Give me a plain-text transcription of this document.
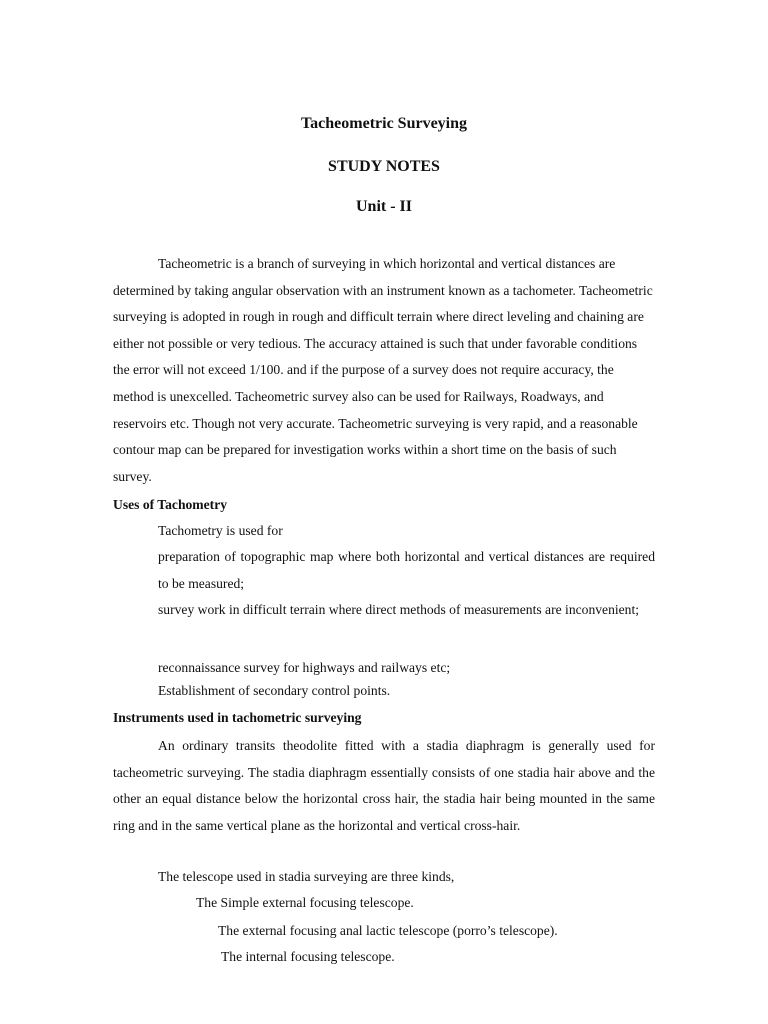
Tacheometric Surveying
STUDY NOTES
Unit - II

Tacheometric is a branch of surveying in which horizontal and vertical distances are determined by taking angular observation with an instrument known as a tachometer. Tacheometric surveying is adopted in rough in rough and difficult terrain where direct leveling and chaining are either not possible or very tedious. The accuracy attained is such that under favorable conditions the error will not exceed 1/100. and if the purpose of a survey does not require accuracy, the method is unexcelled. Tacheometric survey also can be used for Railways, Roadways, and reservoirs etc. Though not very accurate. Tacheometric surveying is very rapid, and a reasonable contour map can be prepared for investigation works within a short time on the basis of such survey.

Uses of Tachometry
Tachometry is used for

preparation of topographic map where both horizontal and vertical distances are required to be measured;

survey work in difficult terrain where direct methods of measurements are inconvenient;

reconnaissance survey for highways and railways etc;

Establishment of secondary control points.

Instruments used in tachometric surveying

An ordinary transits theodolite fitted with a stadia diaphragm is generally used for tacheometric surveying. The stadia diaphragm essentially consists of one stadia hair above and the other an equal distance below the horizontal cross hair, the stadia hair being mounted in the same ring and in the same vertical plane as the horizontal and vertical cross-hair.

The telescope used in stadia surveying are three kinds,
The Simple external focusing telescope.
The external focusing anal lactic telescope (porro’s telescope).
The internal focusing telescope.
